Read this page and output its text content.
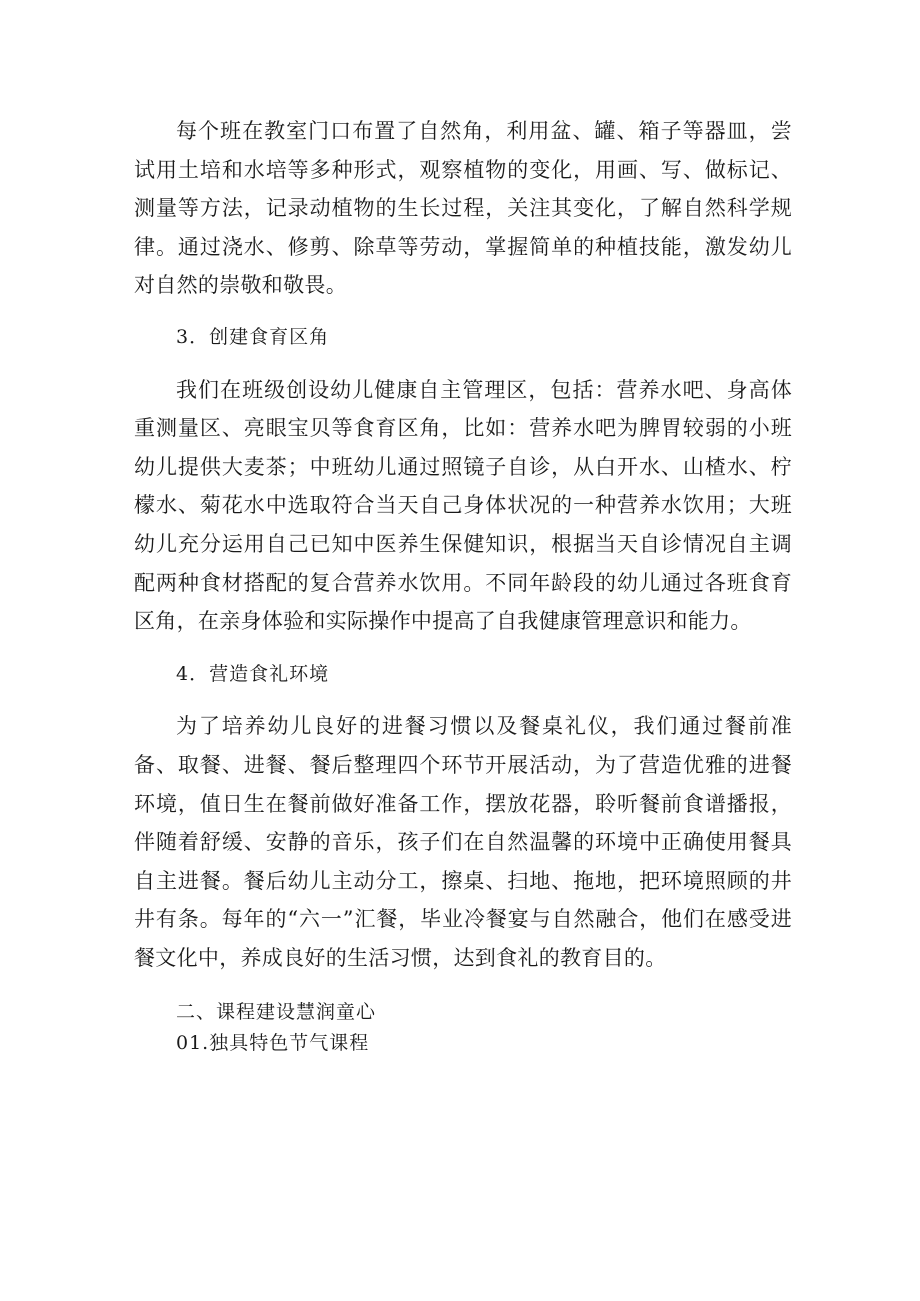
每个班在教室门口布置了自然角，利用盆、罐、箱子等器皿，尝试用土培和水培等多种形式，观察植物的变化，用画、写、做标记、测量等方法，记录动植物的生长过程，关注其变化，了解自然科学规律。通过浇水、修剪、除草等劳动，掌握简单的种植技能，激发幼儿对自然的崇敬和敬畏。

3．创建食育区角

我们在班级创设幼儿健康自主管理区，包括：营养水吧、身高体重测量区、亮眼宝贝等食育区角，比如：营养水吧为脾胃较弱的小班幼儿提供大麦茶；中班幼儿通过照镜子自诊，从白开水、山楂水、柠檬水、菊花水中选取符合当天自己身体状况的一种营养水饮用；大班幼儿充分运用自己已知中医养生保健知识，根据当天自诊情况自主调配两种食材搭配的复合营养水饮用。不同年龄段的幼儿通过各班食育区角，在亲身体验和实际操作中提高了自我健康管理意识和能力。

4．营造食礼环境

为了培养幼儿良好的进餐习惯以及餐桌礼仪，我们通过餐前准备、取餐、进餐、餐后整理四个环节开展活动，为了营造优雅的进餐环境，值日生在餐前做好准备工作，摆放花器，聆听餐前食谱播报，伴随着舒缓、安静的音乐，孩子们在自然温馨的环境中正确使用餐具自主进餐。餐后幼儿主动分工，擦桌、扫地、拖地，把环境照顾的井井有条。每年的“六一”汇餐，毕业冷餐宴与自然融合，他们在感受进餐文化中，养成良好的生活习惯，达到食礼的教育目的。

二、课程建设慧润童心

01.独具特色节气课程
